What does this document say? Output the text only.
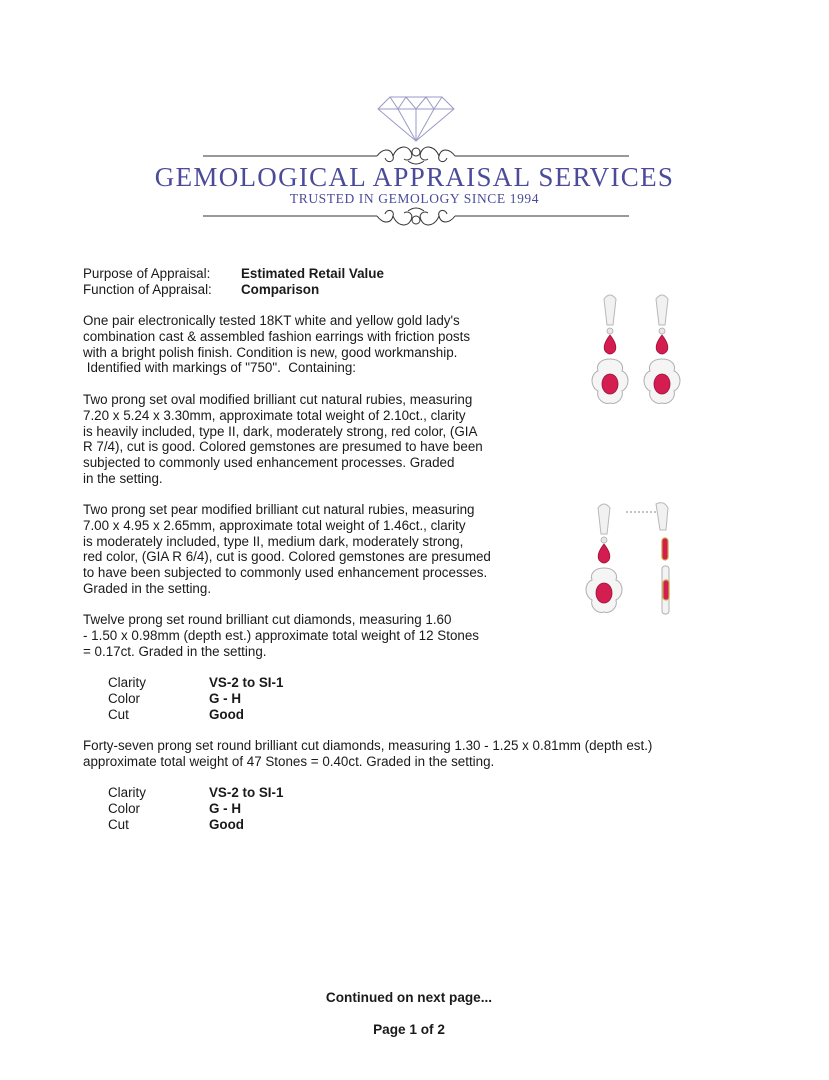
GEMOLOGICAL APPRAISAL SERVICES
TRUSTED IN GEMOLOGY SINCE 1994
Purpose of Appraisal: Estimated Retail Value
Function of Appraisal: Comparison

One pair electronically tested 18KT white and yellow gold lady's

combination cast & assembled fashion earrings with friction posts

with a bright polish finish. Condition is new, good workmanship.

Identified with markings of "750".  Containing:

Two prong set oval modified brilliant cut natural rubies, measuring

7.20 x 5.24 x 3.30mm, approximate total weight of 2.10ct., clarity

is heavily included, type II, dark, moderately strong, red color, (GIA

R 7/4), cut is good. Colored gemstones are presumed to have been

subjected to commonly used enhancement processes. Graded

in the setting.

Two prong set pear modified brilliant cut natural rubies, measuring

7.00 x 4.95 x 2.65mm, approximate total weight of 1.46ct., clarity

is moderately included, type II, medium dark, moderately strong,

red color, (GIA R 6/4), cut is good. Colored gemstones are presumed

to have been subjected to commonly used enhancement processes.

Graded in the setting.

Twelve prong set round brilliant cut diamonds, measuring 1.60

- 1.50 x 0.98mm (depth est.) approximate total weight of 12 Stones

= 0.17ct. Graded in the setting.

Clarity	VS-2 to SI-1
Color	G - H
Cut	Good

Forty-seven prong set round brilliant cut diamonds, measuring 1.30 - 1.25 x 0.81mm (depth est.)

approximate total weight of 47 Stones = 0.40ct. Graded in the setting.

Clarity	VS-2 to SI-1
Color	G - H
Cut	Good
Continued on next page...
Page 1 of 2
